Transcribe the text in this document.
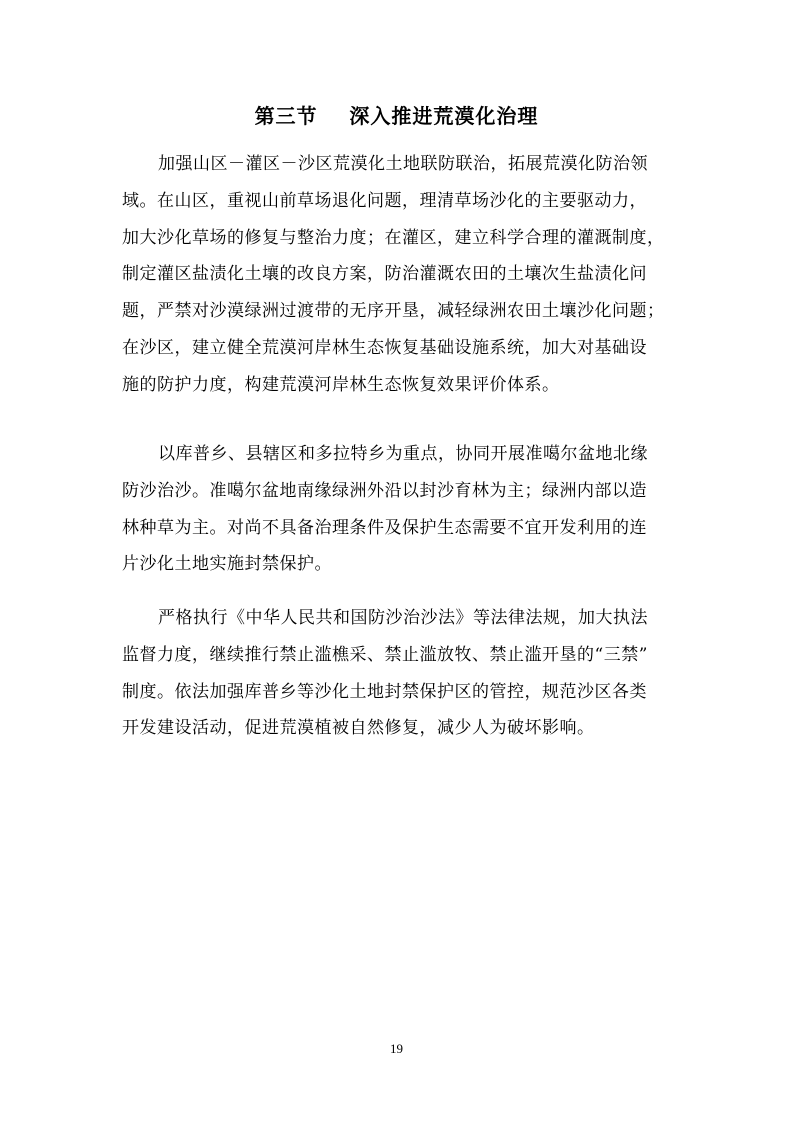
第三节    深入推进荒漠化治理
加强山区－灌区－沙区荒漠化土地联防联治，拓展荒漠化防治领
域。在山区，重视山前草场退化问题，理清草场沙化的主要驱动力，
加大沙化草场的修复与整治力度；在灌区，建立科学合理的灌溉制度，
制定灌区盐渍化土壤的改良方案，防治灌溉农田的土壤次生盐渍化问
题，严禁对沙漠绿洲过渡带的无序开垦，减轻绿洲农田土壤沙化问题；
在沙区，建立健全荒漠河岸林生态恢复基础设施系统，加大对基础设
施的防护力度，构建荒漠河岸林生态恢复效果评价体系。
以库普乡、县辖区和多拉特乡为重点，协同开展准噶尔盆地北缘
防沙治沙。准噶尔盆地南缘绿洲外沿以封沙育林为主；绿洲内部以造
林种草为主。对尚不具备治理条件及保护生态需要不宜开发利用的连
片沙化土地实施封禁保护。
严格执行《中华人民共和国防沙治沙法》等法律法规，加大执法
监督力度，继续推行禁止滥樵采、禁止滥放牧、禁止滥开垦的“三禁”
制度。依法加强库普乡等沙化土地封禁保护区的管控，规范沙区各类
开发建设活动，促进荒漠植被自然修复，减少人为破坏影响。
19
